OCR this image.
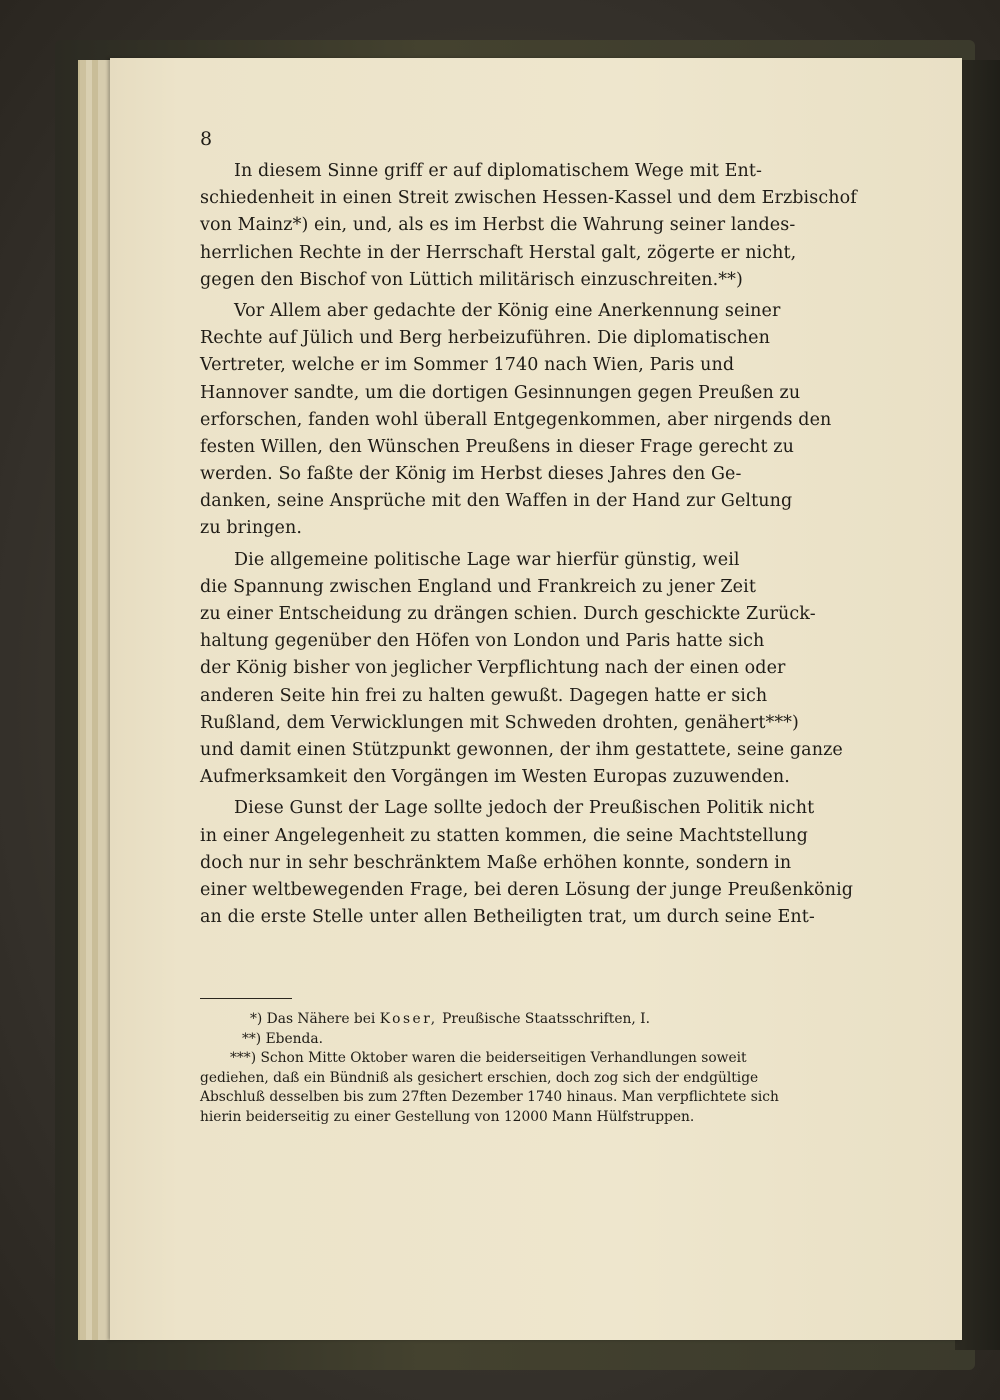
8

In diesem Sinne griff er auf diplomatischem Wege mit Ent-
schiedenheit in einen Streit zwischen Hessen-Kassel und dem Erzbischof
von Mainz*) ein, und, als es im Herbst die Wahrung seiner landes-
herrlichen Rechte in der Herrschaft Herstal galt, zögerte er nicht,
gegen den Bischof von Lüttich militärisch einzuschreiten.**)
Vor Allem aber gedachte der König eine Anerkennung seiner
Rechte auf Jülich und Berg herbeizuführen. Die diplomatischen
Vertreter, welche er im Sommer 1740 nach Wien, Paris und
Hannover sandte, um die dortigen Gesinnungen gegen Preußen zu
erforschen, fanden wohl überall Entgegenkommen, aber nirgends den
festen Willen, den Wünschen Preußens in dieser Frage gerecht zu
werden. So faßte der König im Herbst dieses Jahres den Ge-
danken, seine Ansprüche mit den Waffen in der Hand zur Geltung
zu bringen.
Die allgemeine politische Lage war hierfür günstig, weil
die Spannung zwischen England und Frankreich zu jener Zeit
zu einer Entscheidung zu drängen schien. Durch geschickte Zurück-
haltung gegenüber den Höfen von London und Paris hatte sich
der König bisher von jeglicher Verpflichtung nach der einen oder
anderen Seite hin frei zu halten gewußt. Dagegen hatte er sich
Rußland, dem Verwicklungen mit Schweden drohten, genähert***)
und damit einen Stützpunkt gewonnen, der ihm gestattete, seine ganze
Aufmerksamkeit den Vorgängen im Westen Europas zuzuwenden.
Diese Gunst der Lage sollte jedoch der Preußischen Politik nicht
in einer Angelegenheit zu statten kommen, die seine Machtstellung
doch nur in sehr beschränktem Maße erhöhen konnte, sondern in
einer weltbewegenden Frage, bei deren Lösung der junge Preußenkönig
an die erste Stelle unter allen Betheiligten trat, um durch seine Ent-
*) Das Nähere bei Koser, Preußische Staatsschriften, I.
**) Ebenda.
***) Schon Mitte Oktober waren die beiderseitigen Verhandlungen soweit
gediehen, daß ein Bündniß als gesichert erschien, doch zog sich der endgültige
Abschluß desselben bis zum 27ften Dezember 1740 hinaus. Man verpflichtete sich
hierin beiderseitig zu einer Gestellung von 12000 Mann Hülfstruppen.
